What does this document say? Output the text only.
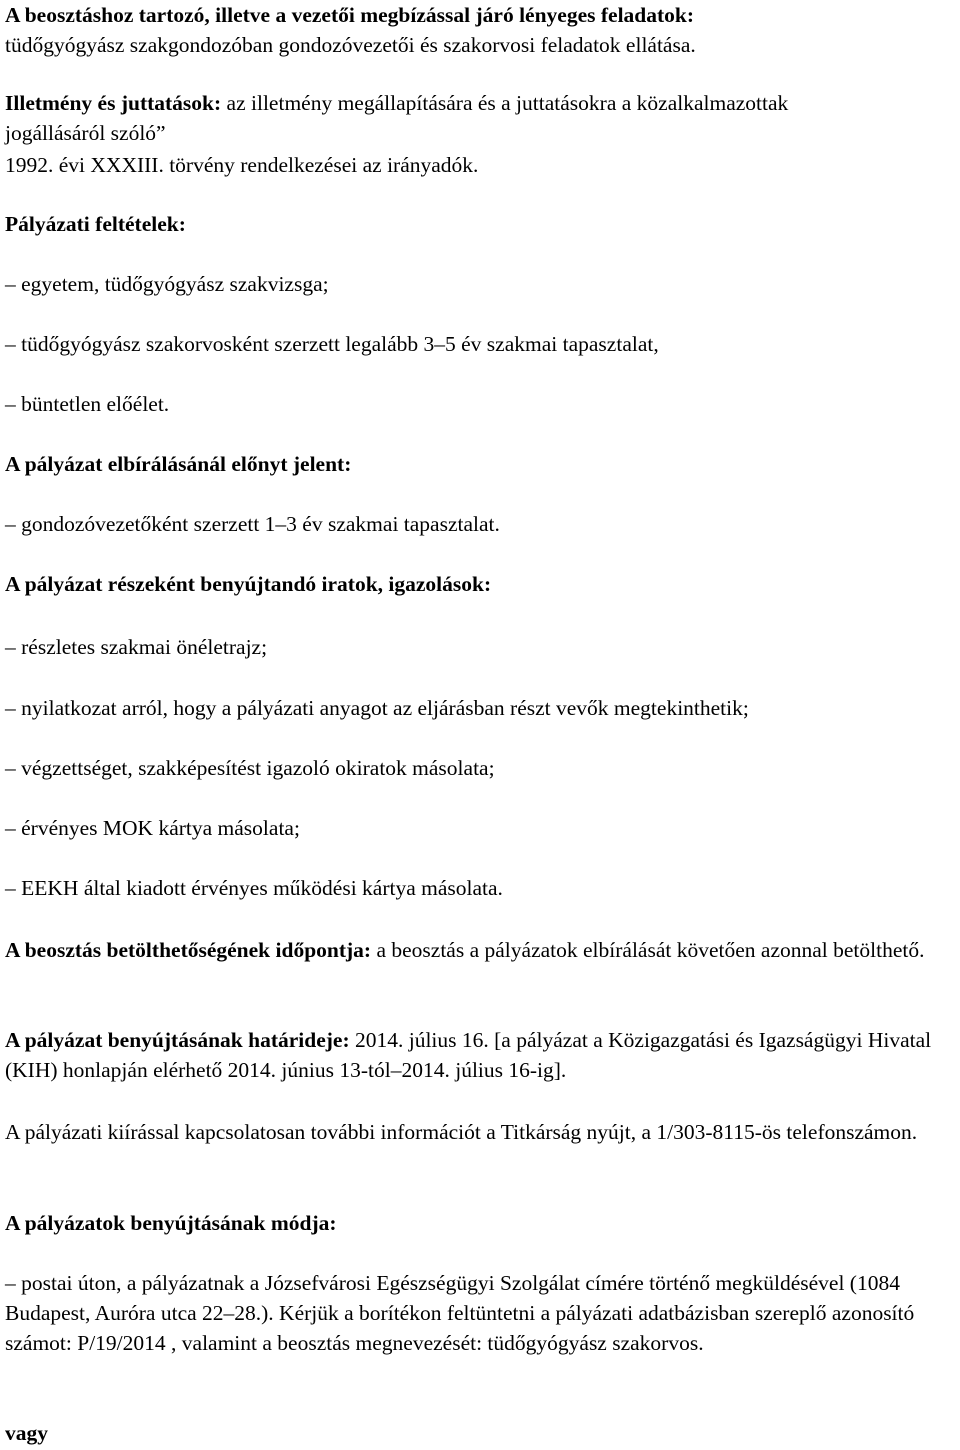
A beosztáshoz tartozó, illetve a vezetői megbízással járó lényeges feladatok:
tüdőgyógyász szakgondozóban gondozóvezetői és szakorvosi feladatok ellátása.
Illetmény és juttatások: az illetmény megállapítására és a juttatásokra a közalkalmazottak
jogállásáról szóló”
1992. évi XXXIII. törvény rendelkezései az irányadók.
Pályázati feltételek:
– egyetem, tüdőgyógyász szakvizsga;
– tüdőgyógyász szakorvosként szerzett legalább 3–5 év szakmai tapasztalat,
– büntetlen előélet.
A pályázat elbírálásánál előnyt jelent:
– gondozóvezetőként szerzett 1–3 év szakmai tapasztalat.
A pályázat részeként benyújtandó iratok, igazolások:
– részletes szakmai önéletrajz;
– nyilatkozat arról, hogy a pályázati anyagot az eljárásban részt vevők megtekinthetik;
– végzettséget, szakképesítést igazoló okiratok másolata;
– érvényes MOK kártya másolata;
– EEKH által kiadott érvényes működési kártya másolata.
A beosztás betölthetőségének időpontja: a beosztás a pályázatok elbírálását követően azonnal betölthető.
A pályázat benyújtásának határideje: 2014. július 16. [a pályázat a Közigazgatási és Igazságügyi Hivatal (KIH) honlapján elérhető 2014. június 13-tól–2014. július 16-ig].
A pályázati kiírással kapcsolatosan további információt a Titkárság nyújt, a 1/303-8115-ös telefonszámon.
A pályázatok benyújtásának módja:
– postai úton, a pályázatnak a Józsefvárosi Egészségügyi Szolgálat címére történő megküldésével (1084 Budapest, Auróra utca 22–28.). Kérjük a borítékon feltüntetni a pályázati adatbázisban szereplő azonosító számot: P/19/2014 , valamint a beosztás megnevezését: tüdőgyógyász szakorvos.
vagy
